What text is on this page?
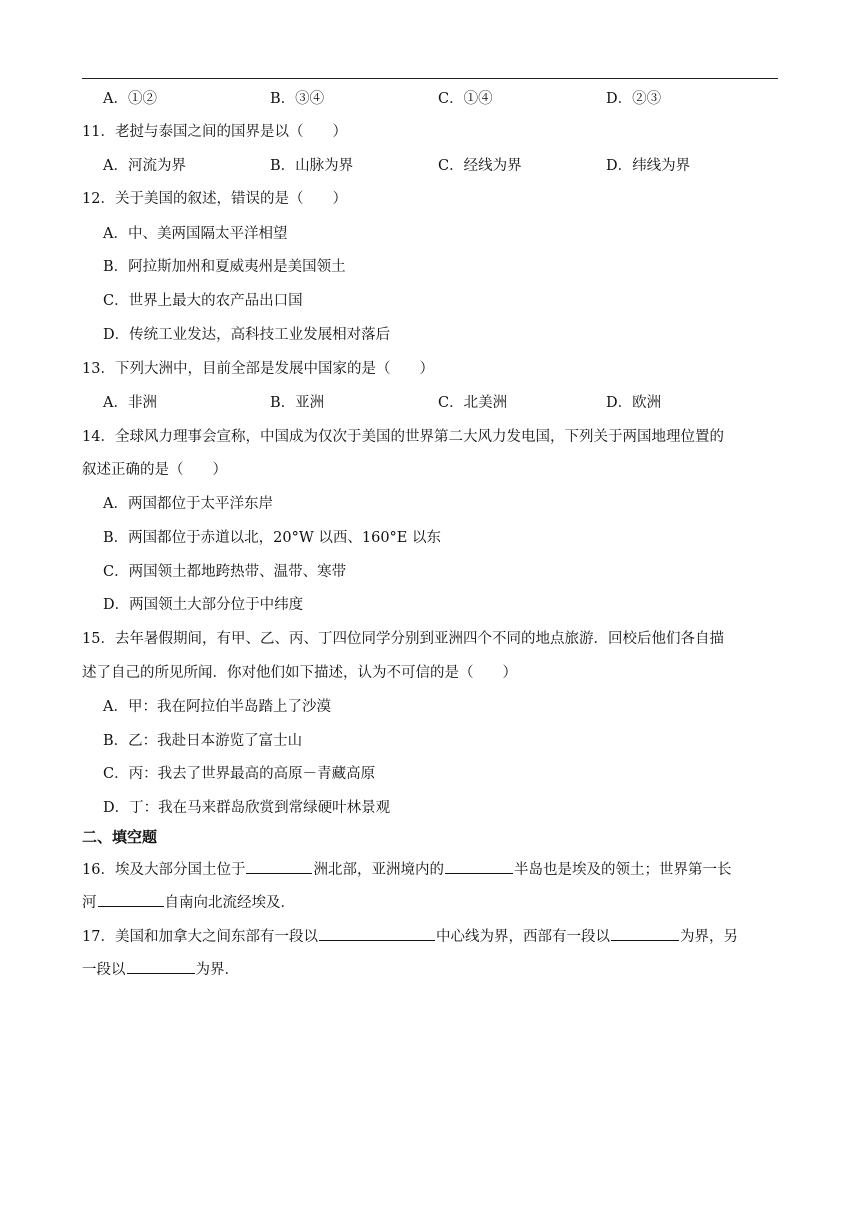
A．①②	B．③④	C．①④	D．②③
11．老挝与泰国之间的国界是以（　　）
A．河流为界	B．山脉为界	C．经线为界	D．纬线为界
12．关于美国的叙述，错误的是（　　）
A．中、美两国隔太平洋相望
B．阿拉斯加州和夏威夷州是美国领土
C．世界上最大的农产品出口国
D．传统工业发达，高科技工业发展相对落后
13．下列大洲中，目前全部是发展中国家的是（　　）
A．非洲	B．亚洲	C．北美洲	D．欧洲
14．全球风力理事会宣称，中国成为仅次于美国的世界第二大风力发电国，下列关于两国地理位置的
叙述正确的是（　　）
A．两国都位于太平洋东岸
B．两国都位于赤道以北，20°W 以西、160°E 以东
C．两国领土都地跨热带、温带、寒带
D．两国领土大部分位于中纬度
15．去年暑假期间，有甲、乙、丙、丁四位同学分别到亚洲四个不同的地点旅游．回校后他们各自描
述了自己的所见所闻．你对他们如下描述，认为不可信的是（　　）
A．甲：我在阿拉伯半岛踏上了沙漠
B．乙：我赴日本游览了富士山
C．丙：我去了世界最高的高原－青藏高原
D．丁：我在马来群岛欣赏到常绿硬叶林景观
二、填空题
16．埃及大部分国土位于	洲北部，亚洲境内的	半岛也是埃及的领土；世界第一长
河	自南向北流经埃及．
17．美国和加拿大之间东部有一段以	中心线为界，西部有一段以	为界，另
一段以	为界．
